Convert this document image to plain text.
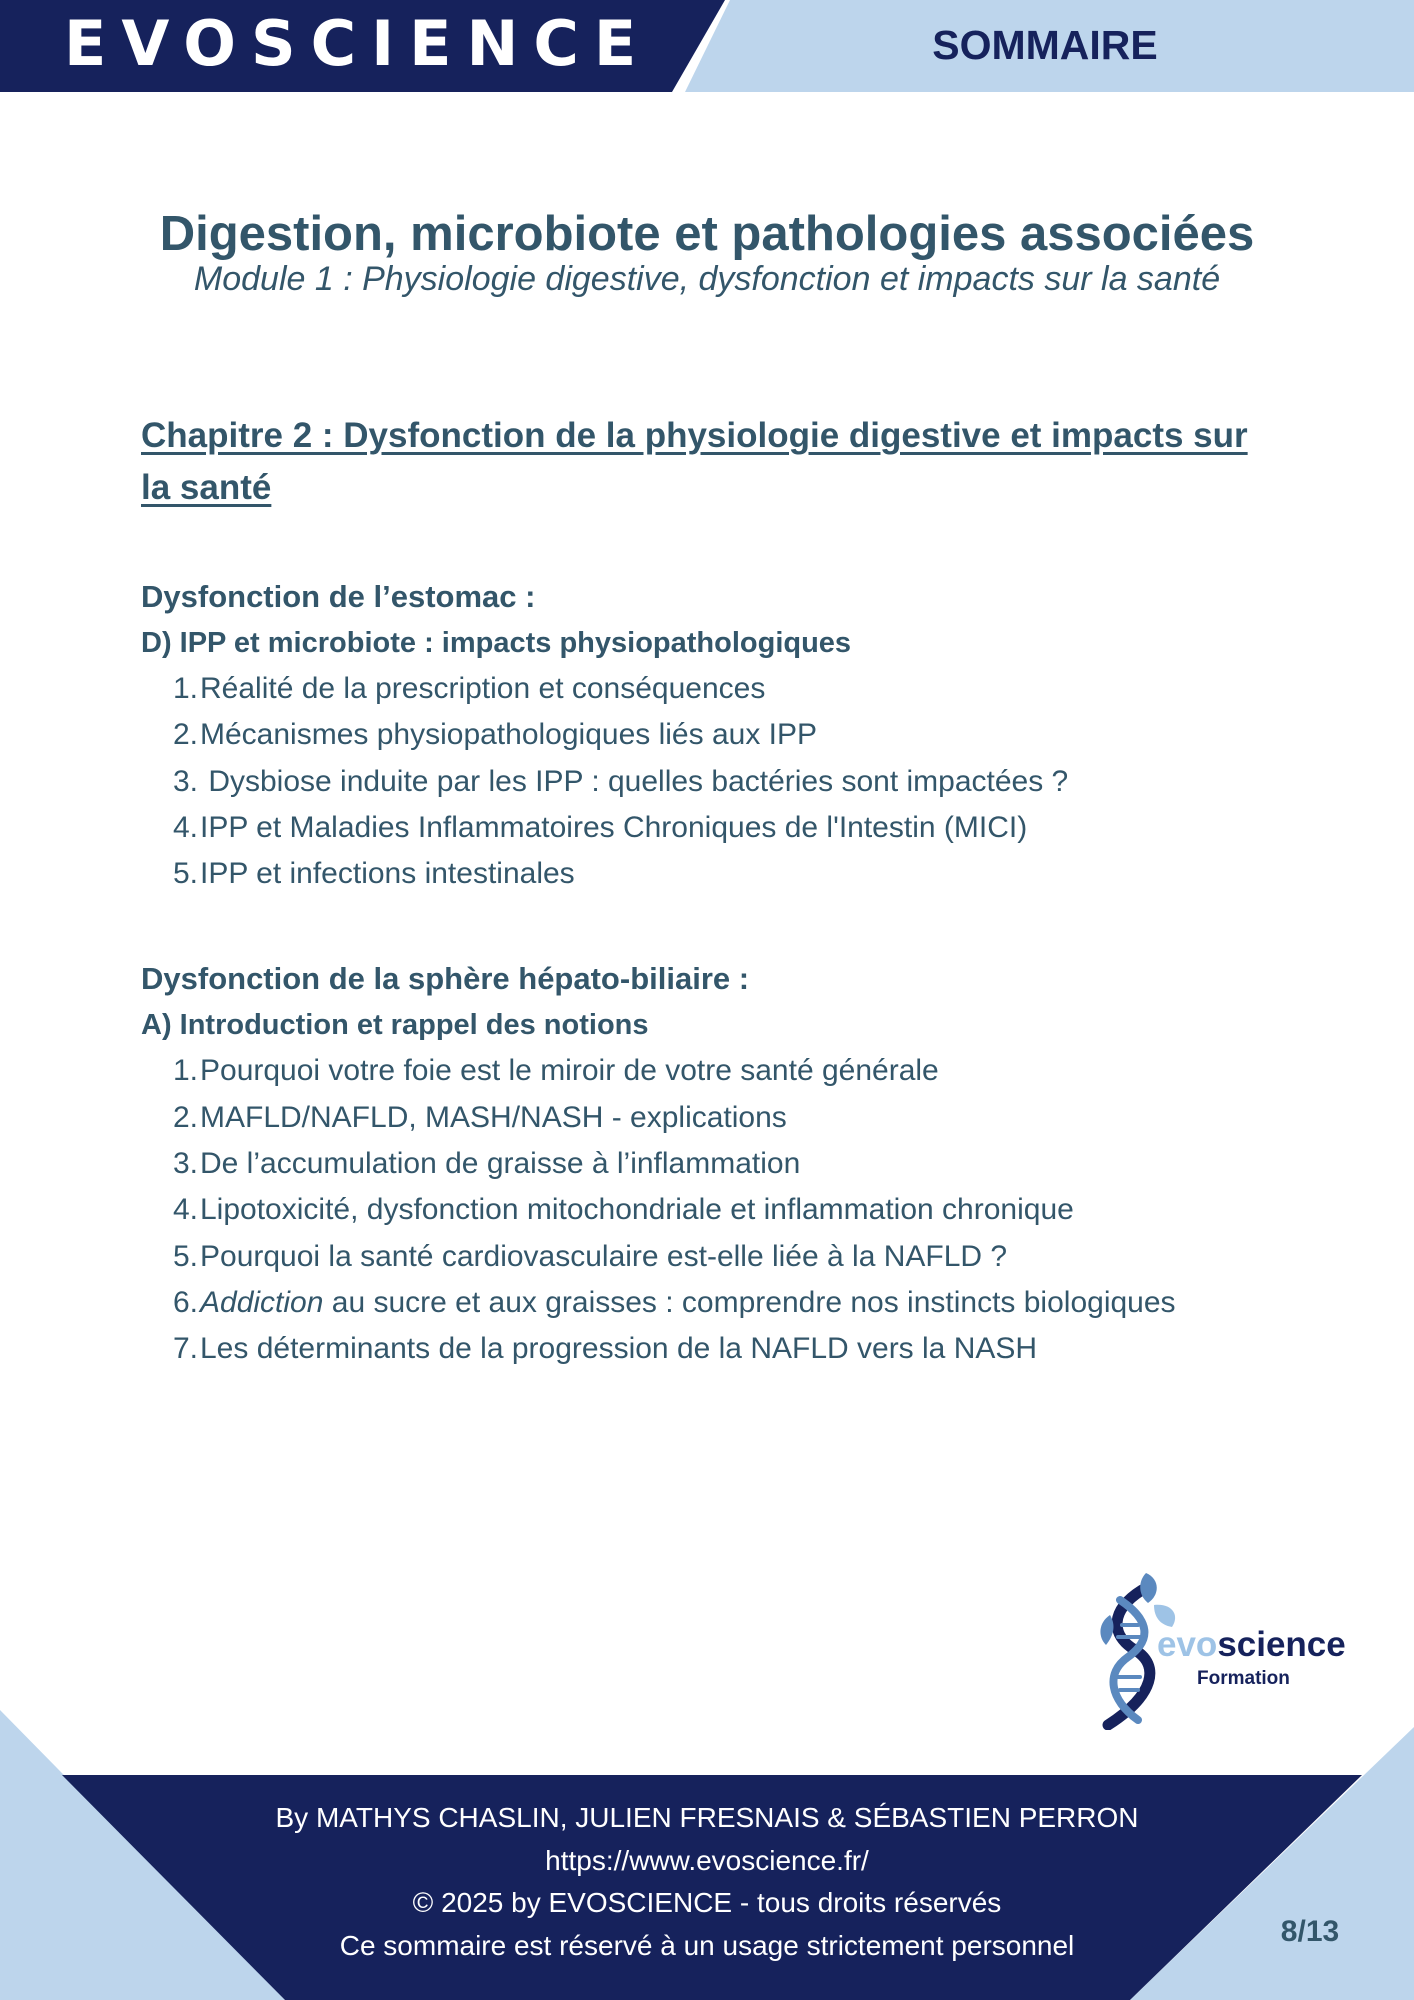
EVOSCIENCE	SOMMAIRE
Digestion, microbiote et pathologies associées
Module 1 : Physiologie digestive, dysfonction et impacts sur la santé

Chapitre 2 : Dysfonction de la physiologie digestive et impacts sur la santé

Dysfonction de l’estomac :

D) IPP et microbiote : impacts physiopathologiques

1. Réalité de la prescription et conséquences
2. Mécanismes physiopathologiques liés aux IPP
3. Dysbiose induite par les IPP : quelles bactéries sont impactées ?
4. IPP et Maladies Inflammatoires Chroniques de l'Intestin (MICI)
5. IPP et infections intestinales

Dysfonction de la sphère hépato-biliaire :

A) Introduction et rappel des notions

1. Pourquoi votre foie est le miroir de votre santé générale
2. MAFLD/NAFLD, MASH/NASH - explications
3. De l’accumulation de graisse à l’inflammation
4. Lipotoxicité, dysfonction mitochondriale et inflammation chronique
5. Pourquoi la santé cardiovasculaire est-elle liée à la NAFLD ?
6. Addiction au sucre et aux graisses : comprendre nos instincts biologiques
7. Les déterminants de la progression de la NAFLD vers la NASH
evoscience
Formation
By MATHYS CHASLIN, JULIEN FRESNAIS & SÉBASTIEN PERRON
https://www.evoscience.fr/
© 2025 by EVOSCIENCE - tous droits réservés
Ce sommaire est réservé à un usage strictement personnel	8/13
